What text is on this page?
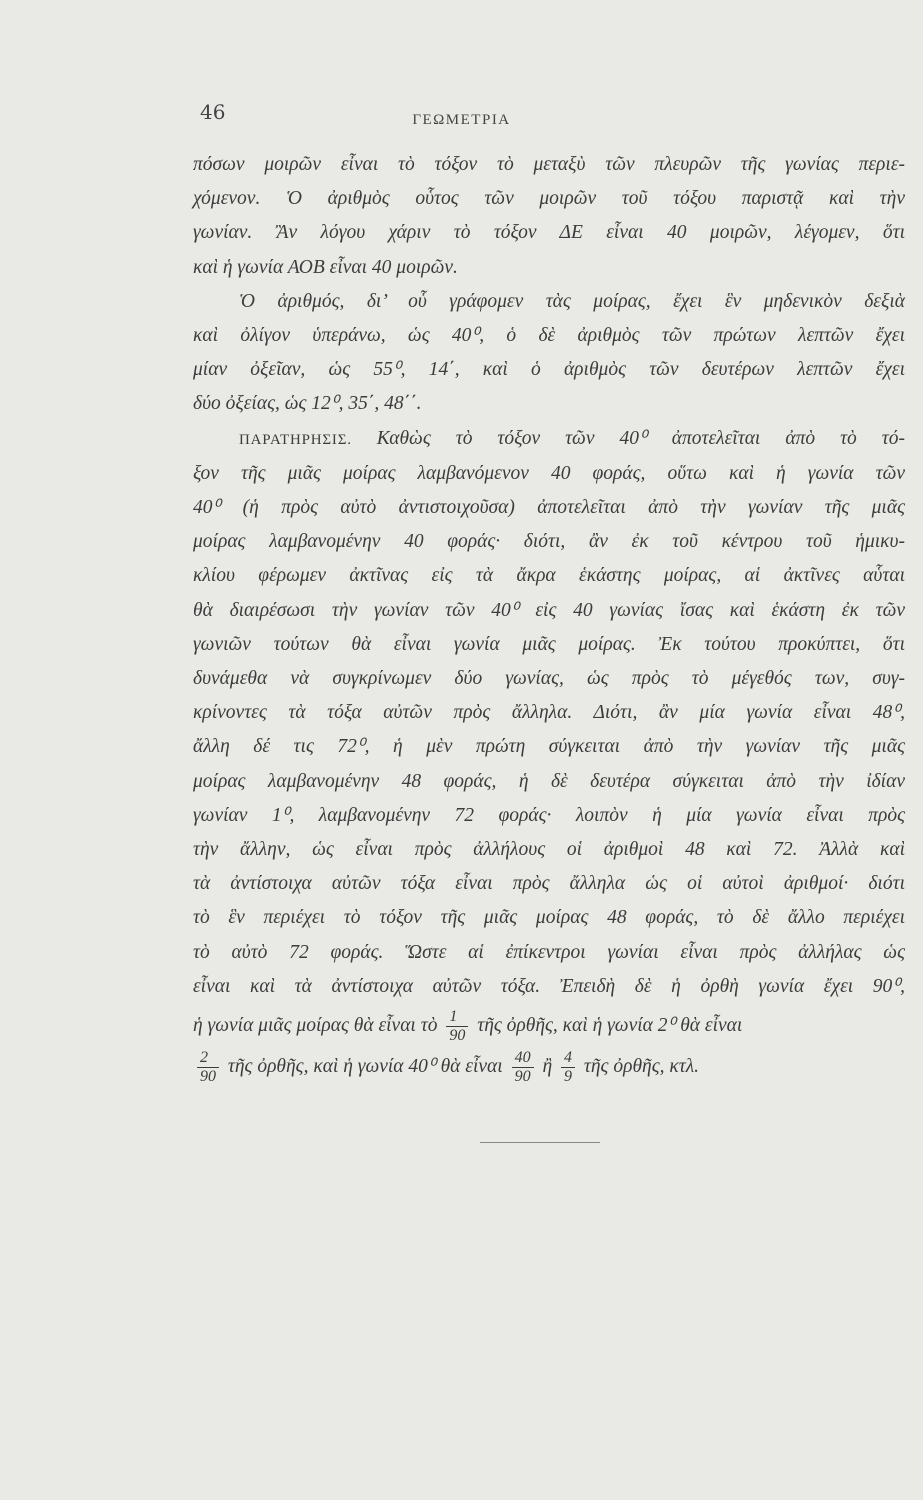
46	ΓΕΩΜΕΤΡΙΑ
πόσων μοιρῶν εἶναι τὸ τόξον τὸ μεταξὺ τῶν πλευρῶν τῆς γωνίας περιε-
χόμενον. Ὁ ἀριθμὸς οὗτος τῶν μοιρῶν τοῦ τόξου παριστᾷ καὶ τὴν
γωνίαν. Ἂν λόγου χάριν τὸ τόξον ΔΕ εἶναι 40 μοιρῶν, λέγομεν, ὅτι
καὶ ἡ γωνία ΑΟΒ εἶναι 40 μοιρῶν.
Ὁ ἀριθμός, δι’ οὗ γράφομεν τὰς μοίρας, ἔχει ἓν μηδενικὸν δεξιὰ
καὶ ὀλίγον ὑπεράνω, ὡς 40⁰, ὁ δὲ ἀριθμὸς τῶν πρώτων λεπτῶν ἔχει
μίαν ὀξεῖαν, ὡς 55⁰, 14΄, καὶ ὁ ἀριθμὸς τῶν δευτέρων λεπτῶν ἔχει
δύο ὀξείας, ὡς 12⁰, 35΄, 48΄΄.
ΠΑΡΑΤΗΡΗΣΙΣ. Καθὼς τὸ τόξον τῶν 40⁰ ἀποτελεῖται ἀπὸ τὸ τό-
ξον τῆς μιᾶς μοίρας λαμβανόμενον 40 φοράς, οὕτω καὶ ἡ γωνία τῶν
40⁰ (ἡ πρὸς αὐτὸ ἀντιστοιχοῦσα) ἀποτελεῖται ἀπὸ τὴν γωνίαν τῆς μιᾶς
μοίρας λαμβανομένην 40 φοράς· διότι, ἂν ἐκ τοῦ κέντρου τοῦ ἡμικυ-
κλίου φέρωμεν ἀκτῖνας εἰς τὰ ἄκρα ἑκάστης μοίρας, αἱ ἀκτῖνες αὗται
θὰ διαιρέσωσι τὴν γωνίαν τῶν 40⁰ εἰς 40 γωνίας ἴσας καὶ ἑκάστη ἐκ τῶν
γωνιῶν τούτων θὰ εἶναι γωνία μιᾶς μοίρας. Ἐκ τούτου προκύπτει, ὅτι
δυνάμεθα νὰ συγκρίνωμεν δύο γωνίας, ὡς πρὸς τὸ μέγεθός των, συγ-
κρίνοντες τὰ τόξα αὐτῶν πρὸς ἄλληλα. Διότι, ἂν μία γωνία εἶναι 48⁰,
ἄλλη δέ τις 72⁰, ἡ μὲν πρώτη σύγκειται ἀπὸ τὴν γωνίαν τῆς μιᾶς
μοίρας λαμβανομένην 48 φοράς, ἡ δὲ δευτέρα σύγκειται ἀπὸ τὴν ἰδίαν
γωνίαν 1⁰, λαμβανομένην 72 φοράς· λοιπὸν ἡ μία γωνία εἶναι πρὸς
τὴν ἄλλην, ὡς εἶναι πρὸς ἀλλήλους οἱ ἀριθμοὶ 48 καὶ 72. Ἀλλὰ καὶ
τὰ ἀντίστοιχα αὐτῶν τόξα εἶναι πρὸς ἄλληλα ὡς οἱ αὐτοὶ ἀριθμοί· διότι
τὸ ἓν περιέχει τὸ τόξον τῆς μιᾶς μοίρας 48 φοράς, τὸ δὲ ἄλλο περιέχει
τὸ αὐτὸ 72 φοράς. Ὥστε αἱ ἐπίκεντροι γωνίαι εἶναι πρὸς ἀλλήλας ὡς
εἶναι καὶ τὰ ἀντίστοιχα αὐτῶν τόξα. Ἐπειδὴ δὲ ἡ ὀρθὴ γωνία ἔχει 90⁰,
ἡ γωνία μιᾶς μοίρας θὰ εἶναι τὸ $\frac{1}{90}$ τῆς ὀρθῆς, καὶ ἡ γωνία 2⁰ θὰ εἶναι
$\frac{2}{90}$ τῆς ὀρθῆς, καὶ ἡ γωνία 40⁰ θὰ εἶναι $\frac{40}{90}$ ἢ $\frac{4}{9}$ τῆς ὀρθῆς, κτλ.
